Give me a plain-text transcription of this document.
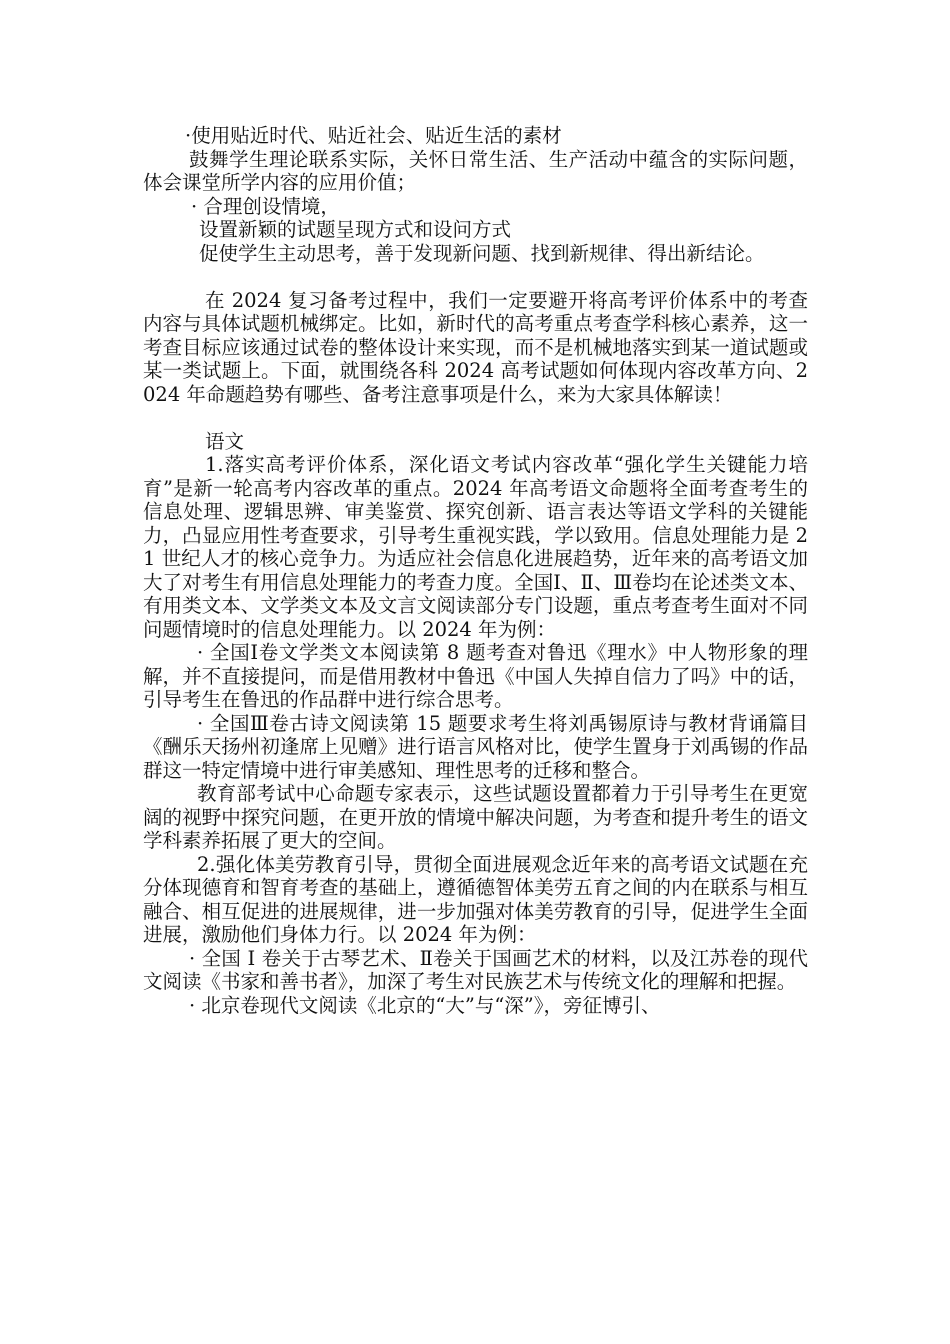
·使用贴近时代、贴近社会、贴近生活的素材

鼓舞学生理论联系实际，关怀日常生活、生产活动中蕴含的实际问题，体会课堂所学内容的应用价值；

· 合理创设情境，

设置新颖的试题呈现方式和设问方式

促使学生主动思考，善于发现新问题、找到新规律、得出新结论。

在 2024 复习备考过程中，我们一定要避开将高考评价体系中的考查内容与具体试题机械绑定。比如，新时代的高考重点考查学科核心素养，这一考查目标应该通过试卷的整体设计来实现，而不是机械地落实到某一道试题或某一类试题上。下面，就围绕各科 2024 高考试题如何体现内容改革方向、2024 年命题趋势有哪些、备考注意事项是什么，来为大家具体解读！

语文

1.落实高考评价体系，深化语文考试内容改革“强化学生关键能力培育”是新一轮高考内容改革的重点。2024 年高考语文命题将全面考查考生的信息处理、逻辑思辨、审美鉴赏、探究创新、语言表达等语文学科的关键能力，凸显应用性考查要求，引导考生重视实践，学以致用。信息处理能力是 21 世纪人才的核心竞争力。为适应社会信息化进展趋势，近年来的高考语文加大了对考生有用信息处理能力的考查力度。全国Ⅰ、Ⅱ、Ⅲ卷均在论述类文本、有用类文本、文学类文本及文言文阅读部分专门设题，重点考查考生面对不同问题情境时的信息处理能力。以 2024 年为例：

· 全国Ⅰ卷文学类文本阅读第 8 题考查对鲁迅《理水》中人物形象的理解，并不直接提问，而是借用教材中鲁迅《中国人失掉自信力了吗》中的话，引导考生在鲁迅的作品群中进行综合思考。

· 全国Ⅲ卷古诗文阅读第 15 题要求考生将刘禹锡原诗与教材背诵篇目《酬乐天扬州初逢席上见赠》进行语言风格对比，使学生置身于刘禹锡的作品群这一特定情境中进行审美感知、理性思考的迁移和整合。

教育部考试中心命题专家表示，这些试题设置都着力于引导考生在更宽阔的视野中探究问题，在更开放的情境中解决问题，为考查和提升考生的语文学科素养拓展了更大的空间。

2.强化体美劳教育引导，贯彻全面进展观念近年来的高考语文试题在充分体现德育和智育考查的基础上，遵循德智体美劳五育之间的内在联系与相互融合、相互促进的进展规律，进一步加强对体美劳教育的引导，促进学生全面进展，激励他们身体力行。以 2024 年为例：

· 全国 I 卷关于古琴艺术、Ⅱ卷关于国画艺术的材料，以及江苏卷的现代文阅读《书家和善书者》，加深了考生对民族艺术与传统文化的理解和把握。

· 北京卷现代文阅读《北京的“大”与“深”》，旁征博引、
